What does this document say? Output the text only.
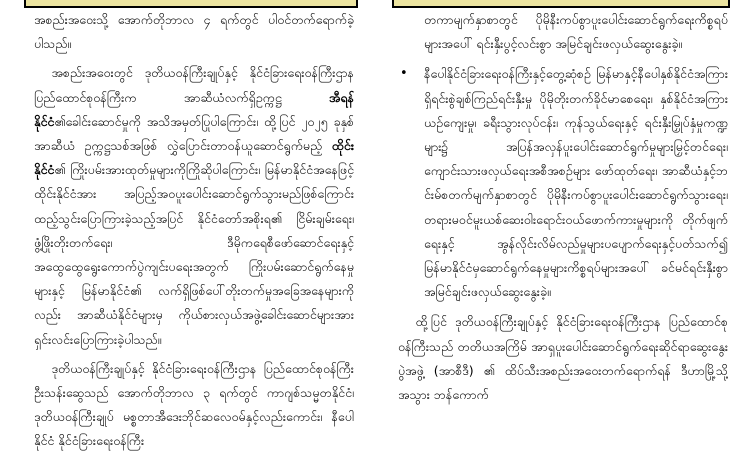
အစည်းအဝေးသို့ အောက်တိုဘာလ ၄ ရက်တွင် ပါဝင်တက်ရောက်ခဲ့ပါသည်။

အစည်းအဝေးတွင် ဒုတိယဝန်ကြီးချုပ်နှင့် နိုင်ငံခြားရေးဝန်ကြီးဌာန ပြည်ထောင်စုဝန်ကြီးက အာဆီယံလက်ရှိဥက္ကဋ္ဌ အီရန်နိုင်ငံ၏ခေါင်းဆောင်မှုကို အသိအမှတ်ပြုပါကြောင်း၊ ထို့ပြင် ၂၀၂၅ ခုနှစ် အာဆီယံ ဥက္ကဋ္ဌသစ်အဖြစ် လွှဲပြောင်းတာဝန်ယူဆောင်ရွက်မည့် ထိုင်းနိုင်ငံ၏ ကြိုးပမ်းအားထုတ်မှုများကိုကြိုဆိုပါကြောင်း၊ မြန်မာနိုင်ငံအနေဖြင့် ထိုင်းနိုင်ငံအား အပြည့်အဝပူးပေါင်းဆောင်ရွက်သွားမည်ဖြစ်ကြောင်း ထည့်သွင်းပြောကြားခဲ့သည့်အပြင် နိုင်ငံတော်အစိုးရ၏ ငြိမ်းချမ်းရေး၊ ဖွံ့ဖြိုးတိုးတက်ရေး၊ ဒီမိုကရေစီဖော်ဆောင်ရေးနှင့် အထွေထွေရွေးကောက်ပွဲကျင်းပရေးအတွက် ကြိုးပမ်းဆောင်ရွက်နေမှုများနှင့် မြန်မာနိုင်ငံ၏ လက်ရှိဖြစ်ပေါ်တိုးတက်မှုအခြေအနေများကိုလည်း အာဆီယံနိုင်ငံများမှ ကိုယ်စားလှယ်အဖွဲ့ခေါင်းဆောင်များအား ရှင်းလင်းပြောကြားခဲ့ပါသည်။

ဒုတိယဝန်ကြီးချုပ်နှင့် နိုင်ငံခြားရေးဝန်ကြီးဌာန ပြည်ထောင်စုဝန်ကြီး ဦးသန်းဆွေသည် အောက်တိုဘာလ ၃ ရက်တွင် ကာဂျစ်သမ္မတနိုင်ငံ၊ ဒုတိယဝန်ကြီးချုပ် မစ္စတာအီဒေးဘိုင်ဆလေဝမ်နှင့်လည်းကောင်း၊ နီပေါနိုင်ငံ နိုင်ငံခြားရေးဝန်ကြီး

တကာမျက်နှာစာတွင် ပိုမိုနီးကပ်စွာပူးပေါင်းဆောင်ရွက်ရေးကိစ္စရပ်များအပေါ် ရင်းနှီးပွင့်လင်းစွာ အမြင်ချင်းဖလှယ်ဆွေးနွေးခဲ့။

• နီပေါနိုင်ငံခြားရေးဝန်ကြီးနှင့်တွေ့ဆုံစဉ် မြန်မာနှင့်နီပေါနှစ်နိုင်ငံအကြား ရှိရင်းစွဲချစ်ကြည်ရင်းနှီးမှု ပိုမိုတိုးတက်ခိုင်မာစေရေး၊ နှစ်နိုင်ငံအကြားယဉ်ကျေးမှု၊ ခရီးသွားလုပ်ငန်း၊ ကုန်သွယ်ရေးနှင့် ရင်းနှီးမြှုပ်နှံမှုကဏ္ဍများ၌ အပြန်အလှန်ပူးပေါင်းဆောင်ရွက်မှုများမြှင့်တင်ရေး၊ ကျောင်းသားဖလှယ်ရေးအစီအစဉ်များ ဖော်ထုတ်ရေး၊ အာဆီယံနှင့်ဘင်းမ်စတက်မျက်နှာစာတွင် ပိုမိုနီးကပ်စွာပူးပေါင်းဆောင်ရွက်သွားရေး၊ တရားမဝင်မူးယစ်ဆေးဝါးရောင်းဝယ်ဖောက်ကားမှုများကို တိုက်ဖျက်ရေးနှင့် အွန်လိုင်းလိမ်လည်မှုများပပျောက်ရေးနှင့်ပတ်သက်၍ မြန်မာနိုင်ငံမှဆောင်ရွက်နေမှုများကိစ္စရပ်များအပေါ် ခင်မင်ရင်းနှီးစွာ အမြင်ချင်းဖလှယ်ဆွေးနွေးခဲ့။

ထို့ပြင် ဒုတိယဝန်ကြီးချုပ်နှင့် နိုင်ငံခြားရေးဝန်ကြီးဌာန ပြည်ထောင်စုဝန်ကြီးသည် တတိယအကြိမ် အာရှပူးပေါင်းဆောင်ရွက်ရေးဆိုင်ရာဆွေးနွေးပွဲအဖွဲ့ (အာစီဒီ) ၏ ထိပ်သီးအစည်းအဝေးတက်ရောက်ရန် ဒီဟာမြို့သို့အသွား ဘန်ကောက်
